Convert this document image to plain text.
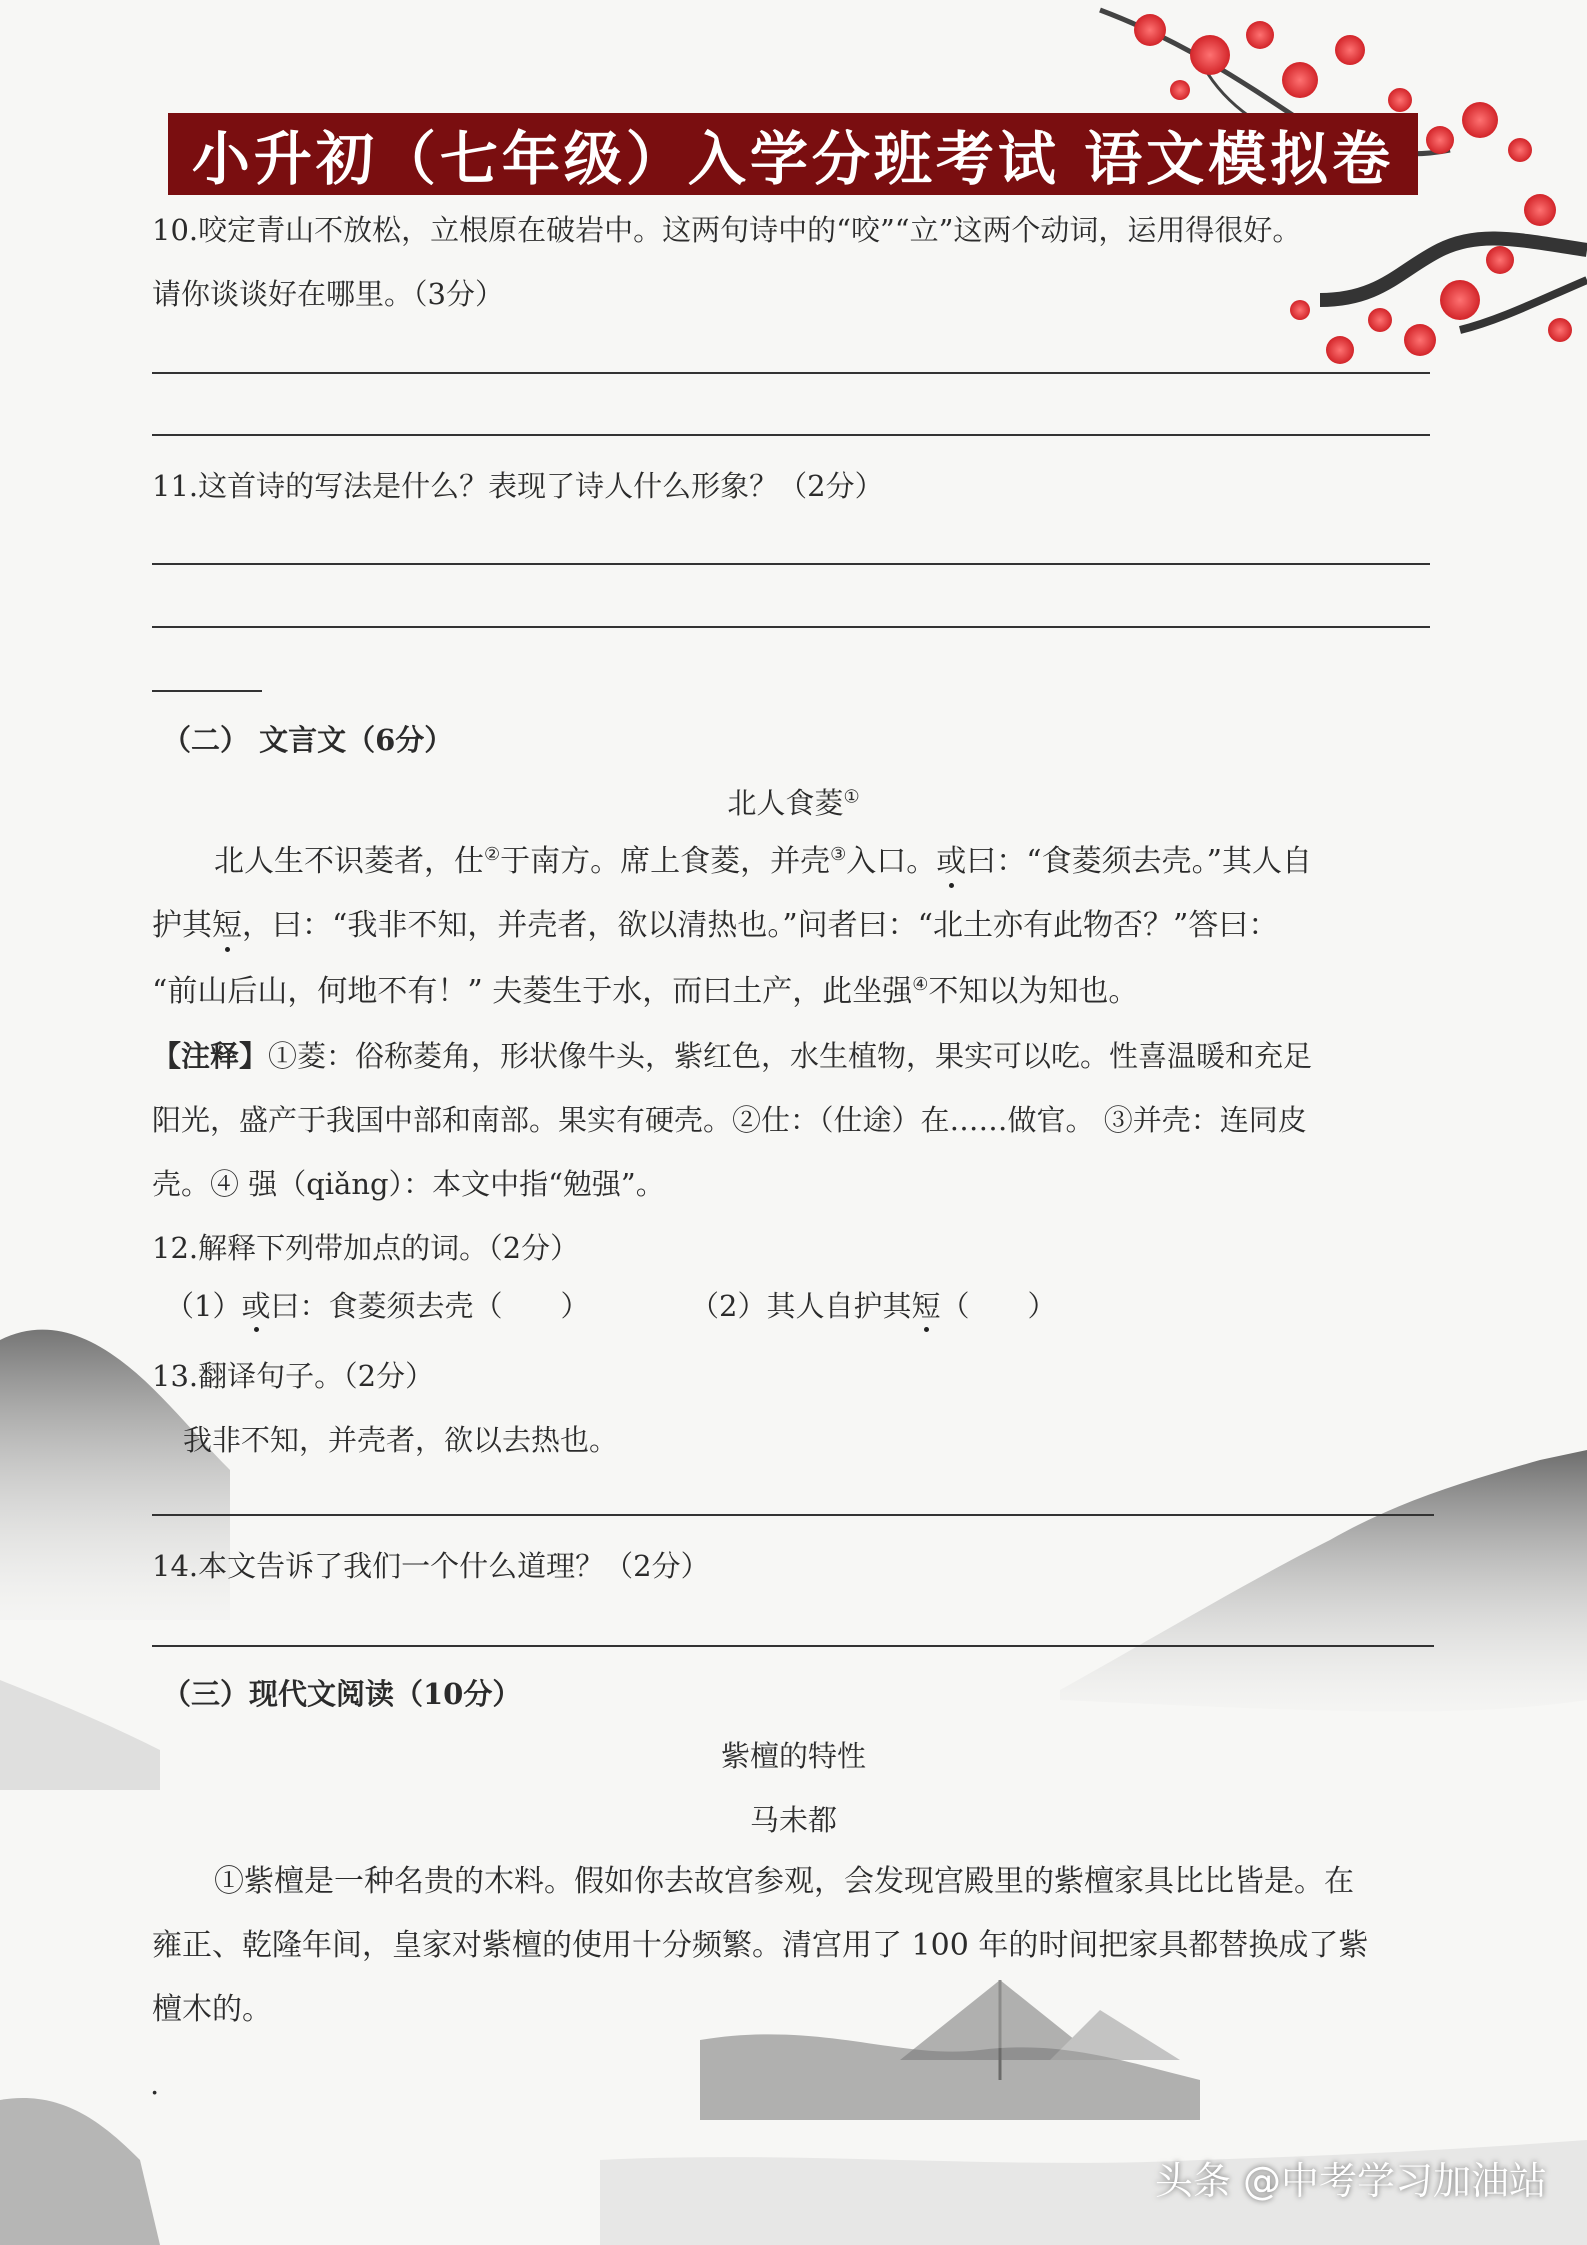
小升初（七年级）入学分班考试 语文模拟卷
10.咬定青山不放松，立根原在破岩中。这两句诗中的“咬”“立”这两个动词，运用得很好。
请你谈谈好在哪里。（3分）
11.这首诗的写法是什么？表现了诗人什么形象？（2分）
（二） 文言文（6分）
北人食菱①
北人生不识菱者，仕②于南方。席上食菱，并壳③入口。或曰：“食菱须去壳。”其人自
护其短，曰：“我非不知，并壳者，欲以清热也。”问者曰：“北土亦有此物否？”答曰：
“前山后山，何地不有！” 夫菱生于水，而曰土产，此坐强④不知以为知也。
【注释】①菱：俗称菱角，形状像牛头，紫红色，水生植物，果实可以吃。性喜温暖和充足
阳光，盛产于我国中部和南部。果实有硬壳。②仕：（仕途）在……做官。 ③并壳：连同皮
壳。④ 强（qiǎng）：本文中指“勉强”。
12.解释下列带加点的词。（2分）
（1）或曰：食菱须去壳（　　）	（2）其人自护其短（　　）
13.翻译句子。（2分）
我非不知，并壳者，欲以去热也。
14.本文告诉了我们一个什么道理？（2分）
（三）现代文阅读（10分）
紫檀的特性
马未都
①紫檀是一种名贵的木料。假如你去故宫参观，会发现宫殿里的紫檀家具比比皆是。在
雍正、乾隆年间，皇家对紫檀的使用十分频繁。清宫用了 100 年的时间把家具都替换成了紫
檀木的。
.
头条 @中考学习加油站
